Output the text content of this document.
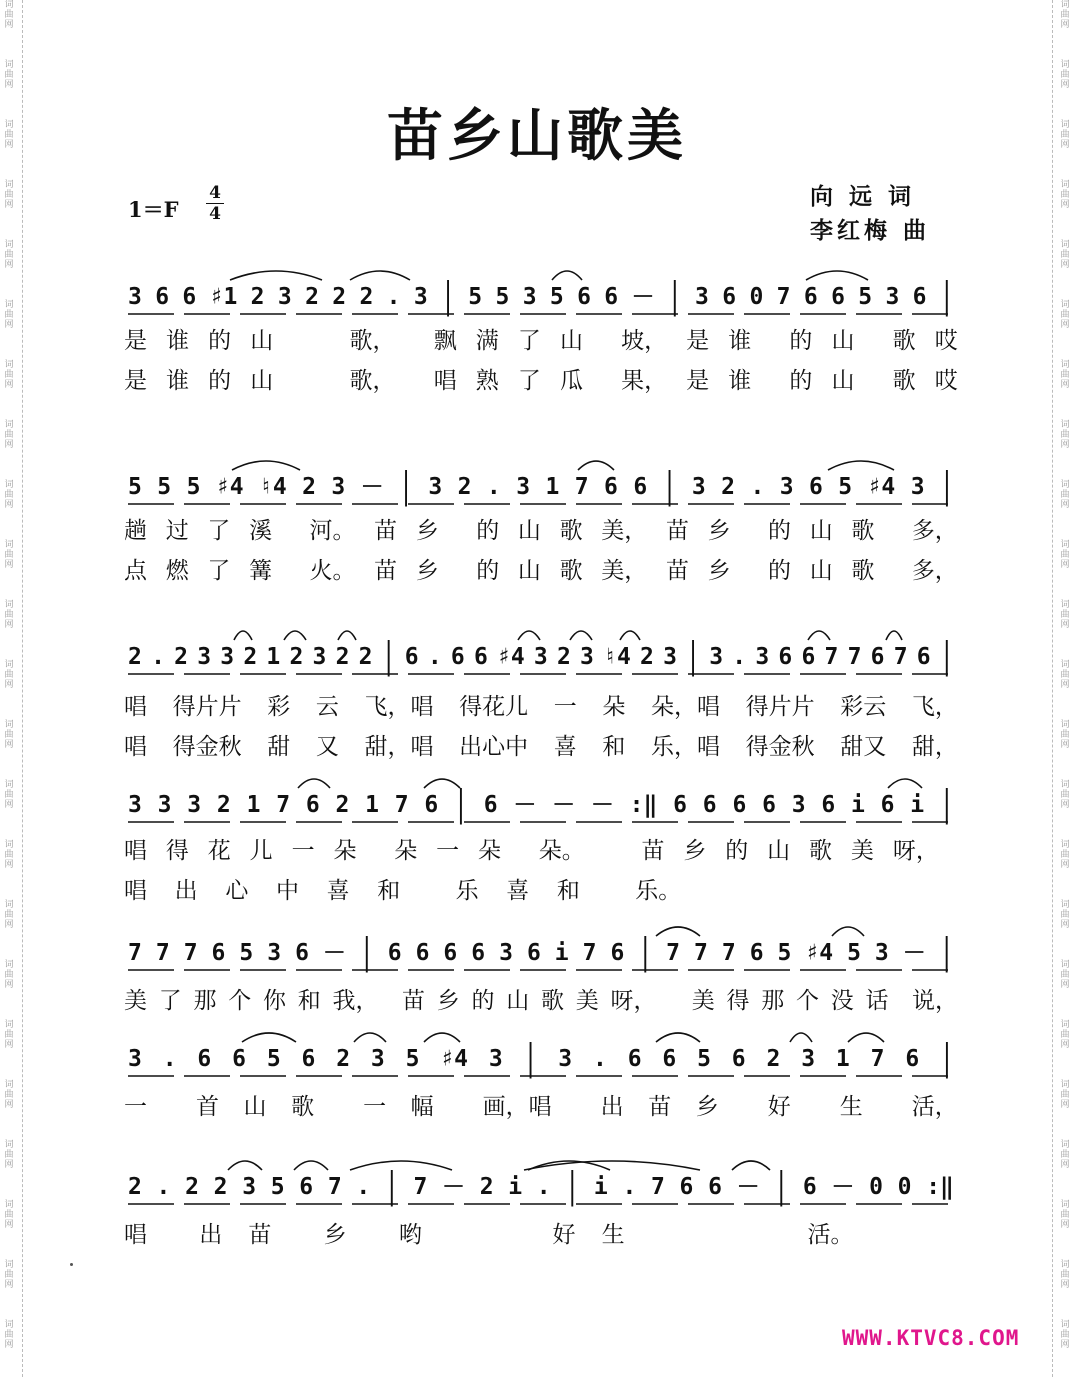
词
曲
网
词
曲
网
词
曲
网
词
曲
网
词
曲
网
词
曲
网
词
曲
网
词
曲
网
词
曲
网
词
曲
网
词
曲
网
词
曲
网
词
曲
网
词
曲
网
词
曲
网
词
曲
网
词
曲
网
词
曲
网
词
曲
网
词
曲
网
词
曲
网
词
曲
网
词
曲
网
词
曲
网
词
曲
网
词
曲
网
词
曲
网
词
曲
网
词
曲
网
词
曲
网
词
曲
网
词
曲
网
词
曲
网
词
曲
网
词
曲
网
词
曲
网
词
曲
网
词
曲
网
词
曲
网
词
曲
网
词
曲
网
词
曲
网
词
曲
网
词
曲
网
词
曲
网
词
曲
网
苗乡山歌美
1＝F
4
4
向 远 词
李红梅 曲
3 6 6 ♯1 2 3 2 2 2 . 3 | 5 5 3 5 6 6 － | 3 6 0 7 6 6 5 3 6 |
是 谁 的 山	歌， 飘 满 了 山 坡， 是 谁 的 山 歌 哎
是 谁 的 山	歌， 唱 熟 了 瓜 果， 是 谁 的 山 歌 哎
5 5 5 ♯4 ♮4 2 3 － | 3 2 . 3 1 7 6 6 | 3 2 . 3 6 5 ♯4 3 |
趟 过 了 溪 河。 苗 乡 的 山 歌 美， 苗 乡 的 山 歌 多，
点 燃 了 篝 火。 苗 乡 的 山 歌 美， 苗 乡 的 山 歌 多，
2 . 2 3 3 2 1 2 3 2 2 | 6 . 6 6 ♯4 3 2 3 ♮4 2 3 | 3 . 3 6 6 7 7 6 7 6 |
唱 得片片 彩 云 飞，唱 得花儿 一 朵 朵，唱 得片片 彩云 飞，
唱 得金秋 甜 又 甜，唱 出心中 喜 和 乐，唱 得金秋 甜又 甜，
3 3 3 2 1 7 6 2 1 7 6 | 6 － － － :‖ 6 6 6 6 3 6 i 6 i |
唱 得 花 儿 一 朵 朵 一 朵 朵。 苗 乡 的 山 歌 美 呀，
唱 出 心 中 喜 和 乐 喜 和 乐。
7 7 7 6 5 3 6 － | 6 6 6 6 3 6 i 7 6 | 7 7 7 6 5 ♯4 5 3 － |
美 了 那 个 你 和 我， 苗 乡 的 山 歌 美 呀， 美 得 那 个 没 话 说，
3 . 6 6 5 6 2 3 5 ♯4 3 | 3 . 6 6 5 6 2 3 1 7 6 |
一 首 山 歌 一 幅 画，唱 出 苗 乡 好 生 活，
2 . 2 2 3 5 6 7 . | 7 － 2 i . | i . 7 6 6 － | 6 － 0 0 :‖
唱 出 苗 乡 哟	好 生	活。
WWW.KTVC8.COM
